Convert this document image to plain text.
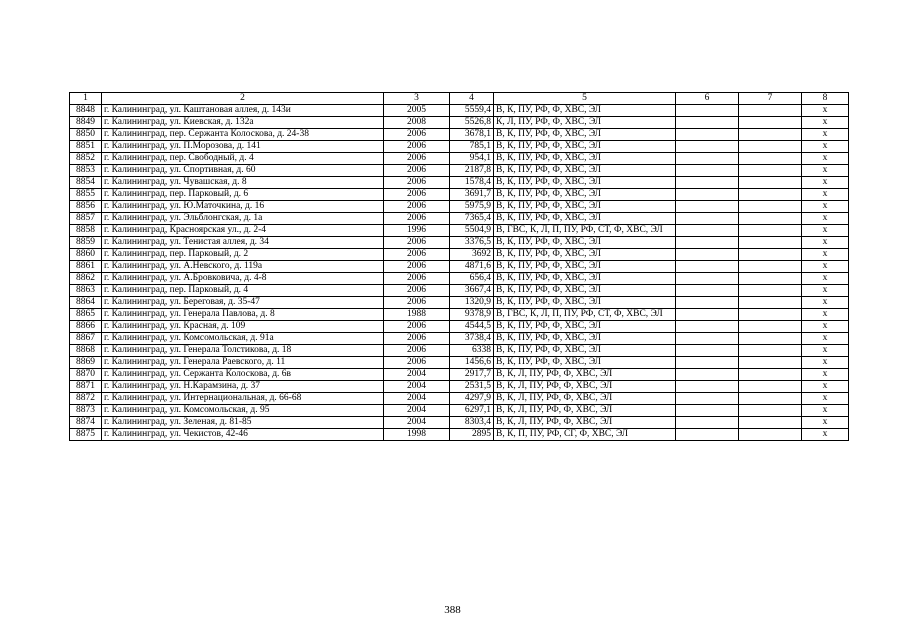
1	2	3	4	5	6	7	8
8848	г. Калининград, ул. Каштановая аллея, д. 143и	2005	5559,4	В, К, ПУ, РФ, Ф, ХВС, ЭЛ			x
8849	г. Калининград, ул. Киевская, д. 132а	2008	5526,8	К, Л, ПУ, РФ, Ф, ХВС, ЭЛ			x
8850	г. Калининград, пер. Сержанта Колоскова, д. 24-38	2006	3678,1	В, К, ПУ, РФ, Ф, ХВС, ЭЛ			x
8851	г. Калининград, ул. П.Морозова, д. 141	2006	785,1	В, К, ПУ, РФ, Ф, ХВС, ЭЛ			x
8852	г. Калининград, пер. Свободный, д. 4	2006	954,1	В, К, ПУ, РФ, Ф, ХВС, ЭЛ			x
8853	г. Калининград, ул. Спортивная, д. 60	2006	2187,8	В, К, ПУ, РФ, Ф, ХВС, ЭЛ			x
8854	г. Калининград, ул. Чувашская, д. 8	2006	1578,4	В, К, ПУ, РФ, Ф, ХВС, ЭЛ			x
8855	г. Калининград, пер. Парковый, д. 6	2006	3691,7	В, К, ПУ, РФ, Ф, ХВС, ЭЛ			x
8856	г. Калининград, ул. Ю.Маточкина, д. 16	2006	5975,9	В, К, ПУ, РФ, Ф, ХВС, ЭЛ			x
8857	г. Калининград, ул. Эльблонгская, д. 1а	2006	7365,4	В, К, ПУ, РФ, Ф, ХВС, ЭЛ			x
8858	г. Калининград, Красноярская ул., д. 2-4	1996	5504,9	В, ГВС, К, Л, П, ПУ, РФ, СТ, Ф, ХВС, ЭЛ			x
8859	г. Калининград, ул. Тенистая аллея, д. 34	2006	3376,5	В, К, ПУ, РФ, Ф, ХВС, ЭЛ			x
8860	г. Калининград, пер. Парковый, д. 2	2006	3692	В, К, ПУ, РФ, Ф, ХВС, ЭЛ			x
8861	г. Калининград, ул. А.Невского, д. 119а	2006	4871,6	В, К, ПУ, РФ, Ф, ХВС, ЭЛ			x
8862	г. Калининград, ул. А.Бровковича, д. 4-8	2006	656,4	В, К, ПУ, РФ, Ф, ХВС, ЭЛ			x
8863	г. Калининград, пер. Парковый, д. 4	2006	3667,4	В, К, ПУ, РФ, Ф, ХВС, ЭЛ			x
8864	г. Калининград, ул. Береговая, д. 35-47	2006	1320,9	В, К, ПУ, РФ, Ф, ХВС, ЭЛ			x
8865	г. Калининград, ул. Генерала Павлова, д. 8	1988	9378,9	В, ГВС, К, Л, П, ПУ, РФ, СТ, Ф, ХВС, ЭЛ			x
8866	г. Калининград, ул. Красная, д. 109	2006	4544,5	В, К, ПУ, РФ, Ф, ХВС, ЭЛ			x
8867	г. Калининград, ул. Комсомольская, д. 91а	2006	3738,4	В, К, ПУ, РФ, Ф, ХВС, ЭЛ			x
8868	г. Калининград, ул. Генерала Толстикова, д. 18	2006	6338	В, К, ПУ, РФ, Ф, ХВС, ЭЛ			x
8869	г. Калининград, ул. Генерала Раевского, д. 11	2006	1456,6	В, К, ПУ, РФ, Ф, ХВС, ЭЛ			x
8870	г. Калининград, ул. Сержанта Колоскова, д. 6в	2004	2917,7	В, К, Л, ПУ, РФ, Ф, ХВС, ЭЛ			x
8871	г. Калининград, ул. Н.Карамзина, д. 37	2004	2531,5	В, К, Л, ПУ, РФ, Ф, ХВС, ЭЛ			x
8872	г. Калининград, ул. Интернациональная, д. 66-68	2004	4297,9	В, К, Л, ПУ, РФ, Ф, ХВС, ЭЛ			x
8873	г. Калининград, ул. Комсомольская, д. 95	2004	6297,1	В, К, Л, ПУ, РФ, Ф, ХВС, ЭЛ			x
8874	г. Калининград, ул. Зеленая, д. 81-85	2004	8303,4	В, К, Л, ПУ, РФ, Ф, ХВС, ЭЛ			x
8875	г. Калининград, ул. Чекистов, 42-46	1998	2895	В, К, П, ПУ, РФ, СГ, Ф, ХВС, ЭЛ			x
388
